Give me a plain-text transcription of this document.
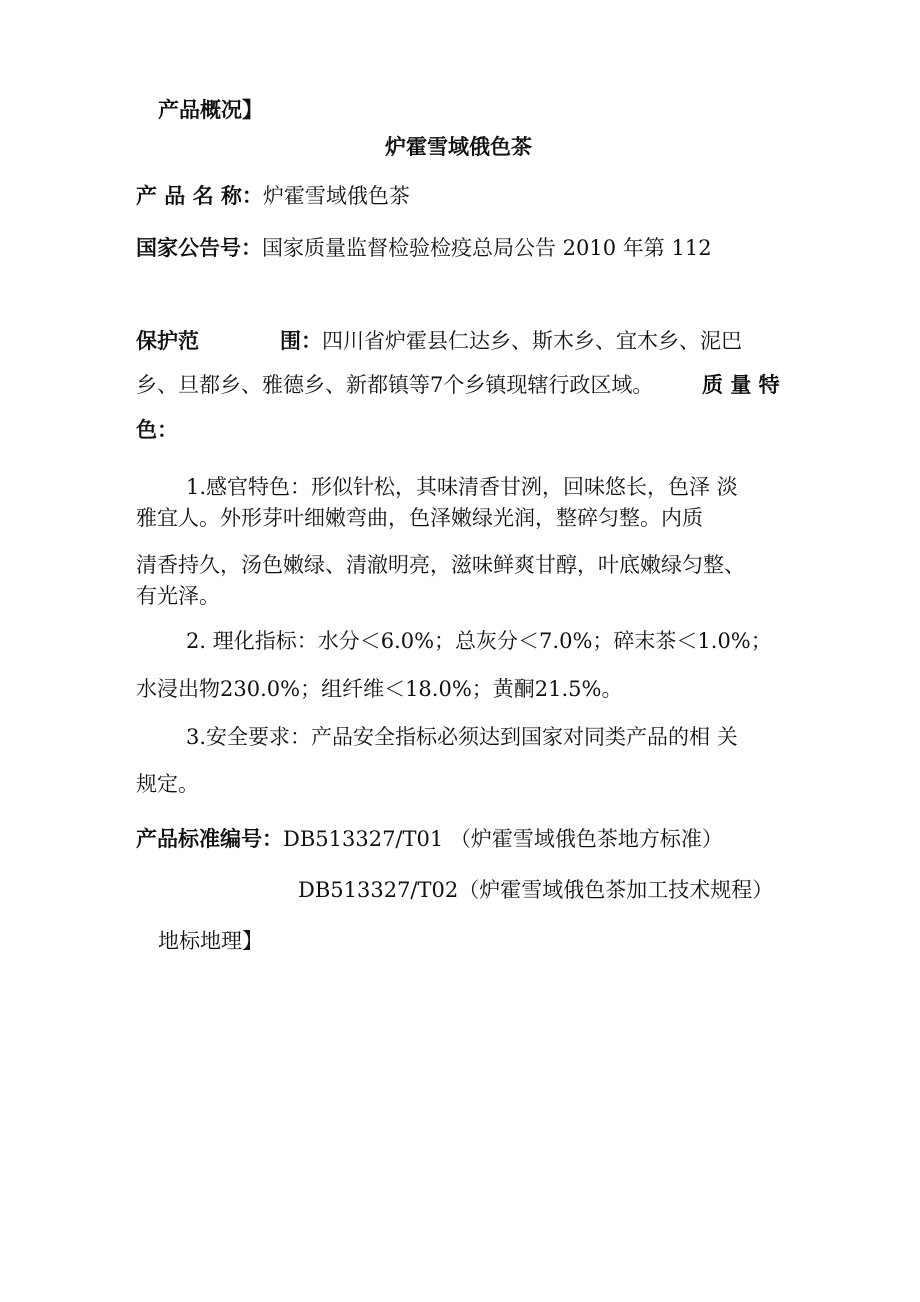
产品概况】
炉霍雪域俄色茶
产 品 名 称：炉霍雪域俄色茶
国家公告号：国家质量监督检验检疫总局公告 2010 年第 112
保护范	围：四川省炉霍县仁达乡、斯木乡、宜木乡、泥巴
乡、旦都乡、雅德乡、新都镇等7个乡镇现辖行政区域。 质 量 特
色：
1.感官特色：形似针松，其味清香甘洌，回味悠长，色泽 淡
雅宜人。外形芽叶细嫩弯曲，色泽嫩绿光润，整碎匀整。内质
清香持久，汤色嫩绿、清澈明亮，滋味鲜爽甘醇，叶底嫩绿匀整、
有光泽。
2. 理化指标：水分＜6.0%；总灰分＜7.0%；碎末茶＜1.0%；
水浸出物230.0%；组纤维＜18.0%；黄酮21.5%。
3.安全要求：产品安全指标必须达到国家对同类产品的相 关
规定。
产品标准编号：DB513327/T01 （炉霍雪域俄色茶地方标准）
DB513327/T02（炉霍雪域俄色茶加工技术规程）
地标地理】
